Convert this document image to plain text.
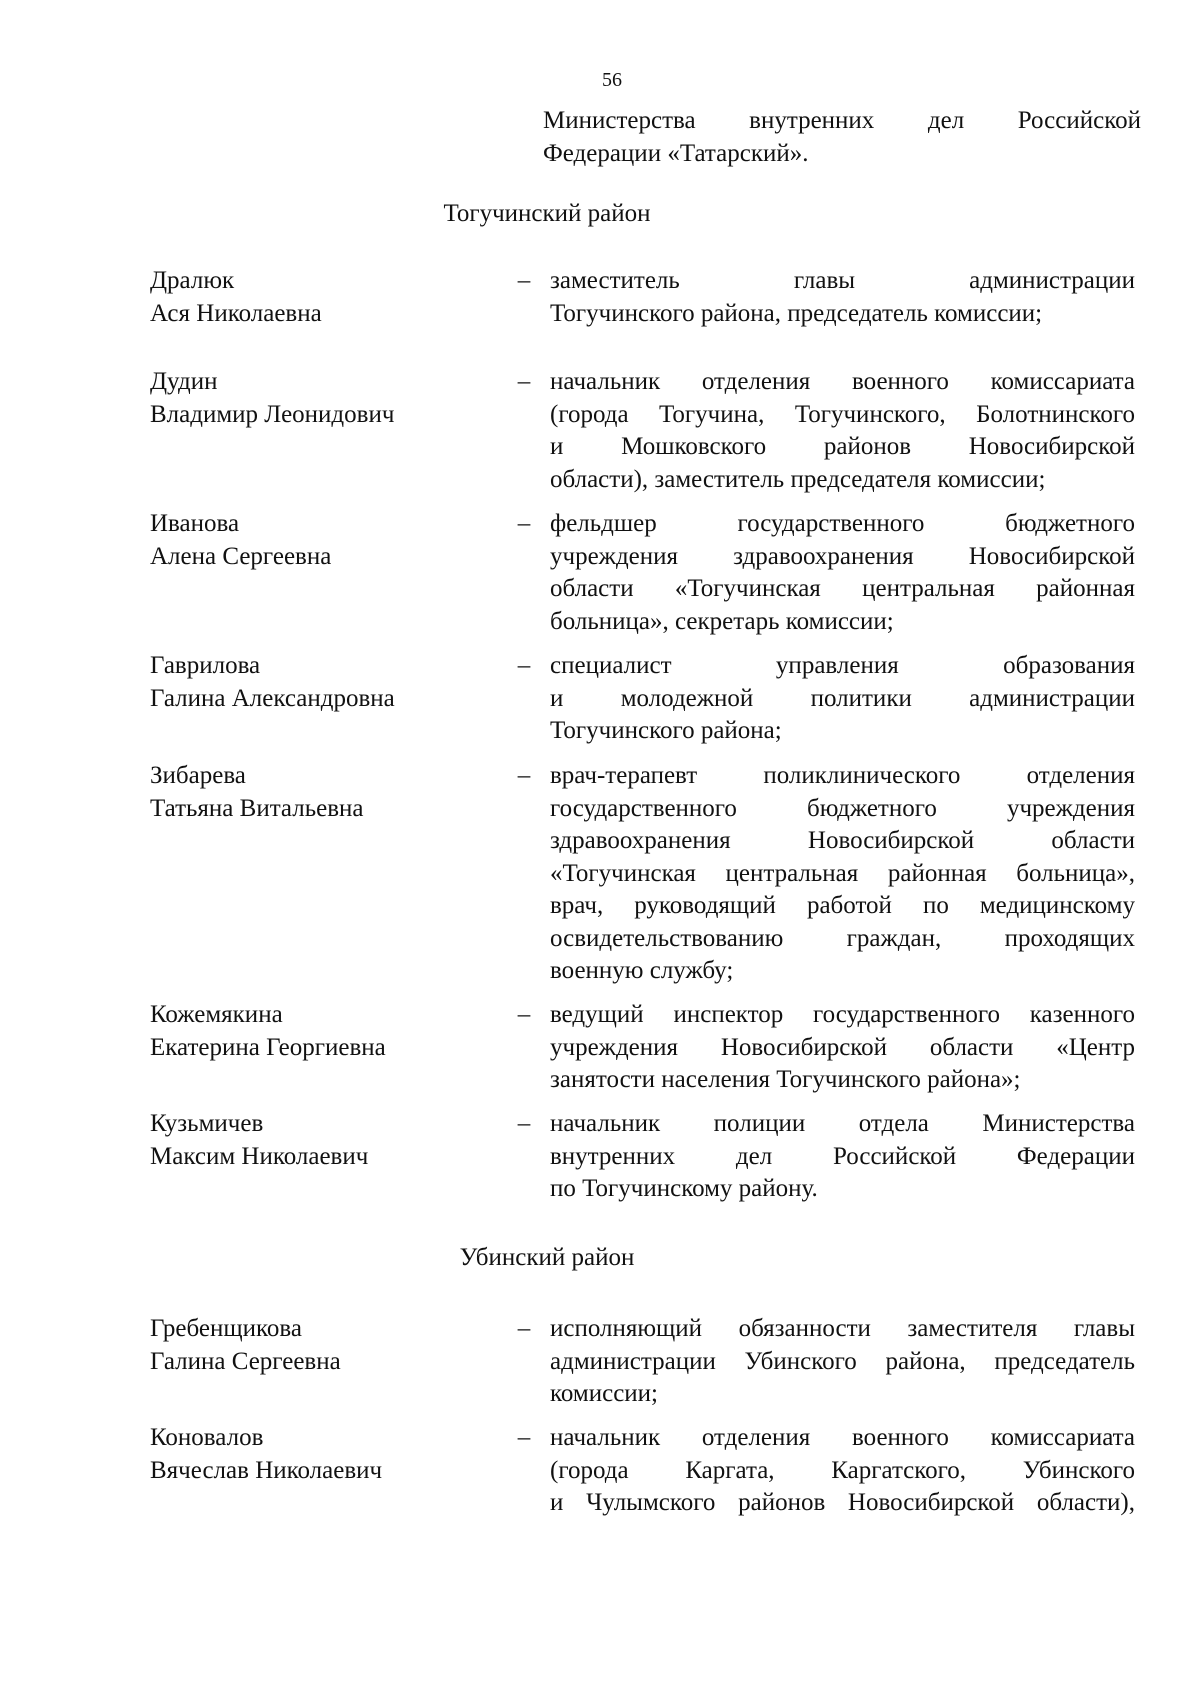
56
Министерства внутренних дел Российской
Федерации «Татарский».
Тогучинский район
Дралюк
Ася Николаевна
– заместитель главы администрации
Тогучинского района, председатель комиссии;
Дудин
Владимир Леонидович
– начальник отделения военного комиссариата
(города Тогучина, Тогучинского, Болотнинского
и Мошковского районов Новосибирской
области), заместитель председателя комиссии;
Иванова
Алена Сергеевна
– фельдшер государственного бюджетного
учреждения здравоохранения Новосибирской
области «Тогучинская центральная районная
больница», секретарь комиссии;
Гаврилова
Галина Александровна
– специалист управления образования
и молодежной политики администрации
Тогучинского района;
Зибарева
Татьяна Витальевна
– врач-терапевт поликлинического отделения
государственного бюджетного учреждения
здравоохранения Новосибирской области
«Тогучинская центральная районная больница»,
врач, руководящий работой по медицинскому
освидетельствованию граждан, проходящих
военную службу;
Кожемякина
Екатерина Георгиевна
– ведущий инспектор государственного казенного
учреждения Новосибирской области «Центр
занятости населения Тогучинского района»;
Кузьмичев
Максим Николаевич
– начальник полиции отдела Министерства
внутренних дел Российской Федерации
по Тогучинскому району.
Убинский район
Гребенщикова
Галина Сергеевна
– исполняющий обязанности заместителя главы
администрации Убинского района, председатель
комиссии;
Коновалов
Вячеслав Николаевич
– начальник отделения военного комиссариата
(города Каргата, Каргатского, Убинского
и Чулымского районов Новосибирской области),
